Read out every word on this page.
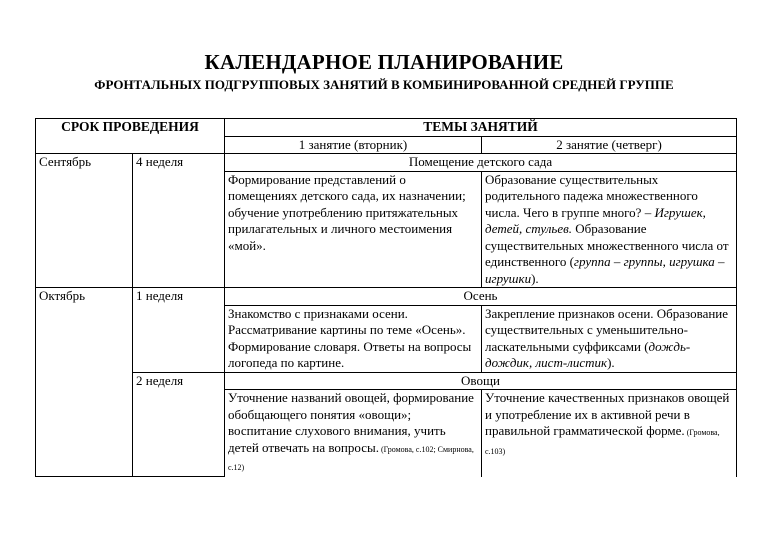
КАЛЕНДАРНОЕ ПЛАНИРОВАНИЕ
ФРОНТАЛЬНЫХ ПОДГРУППОВЫХ ЗАНЯТИЙ В КОМБИНИРОВАННОЙ СРЕДНЕЙ ГРУППЕ
СРОК ПРОВЕДЕНИЯ		ТЕМЫ ЗАНЯТИЙ	
		1 занятие (вторник)	2 занятие (четверг)
Сентябрь	4 неделя	Помещение детского сада	
		Формирование представлений о помещениях детского сада, их назначении; обучение употреблению притяжательных прилагательных и личного местоимения «мой».	Образование существительных родительного падежа множественного числа. Чего в группе много? – Игрушек, детей, стульев. Образование существительных множественного числа от единственного (группа – группы, игрушка – игрушки).
Октябрь	1 неделя	Осень	
		Знакомство с признаками осени. Рассматривание картины по теме «Осень». Формирование словаря. Ответы на вопросы логопеда по картине.	Закрепление признаков осени. Образование существительных с уменьшительно-ласкательными суффиксами (дождь-дождик, лист-листик).
	2 неделя	Овощи	
		Уточнение названий овощей, формирование обобщающего понятия «овощи»; воспитание слухового внимания, учить детей отвечать на вопросы. (Громова, с.102; Смирнова, с.12)	Уточнение качественных признаков овощей и употребление их в активной речи в правильной грамматической форме. (Громова, с.103)
